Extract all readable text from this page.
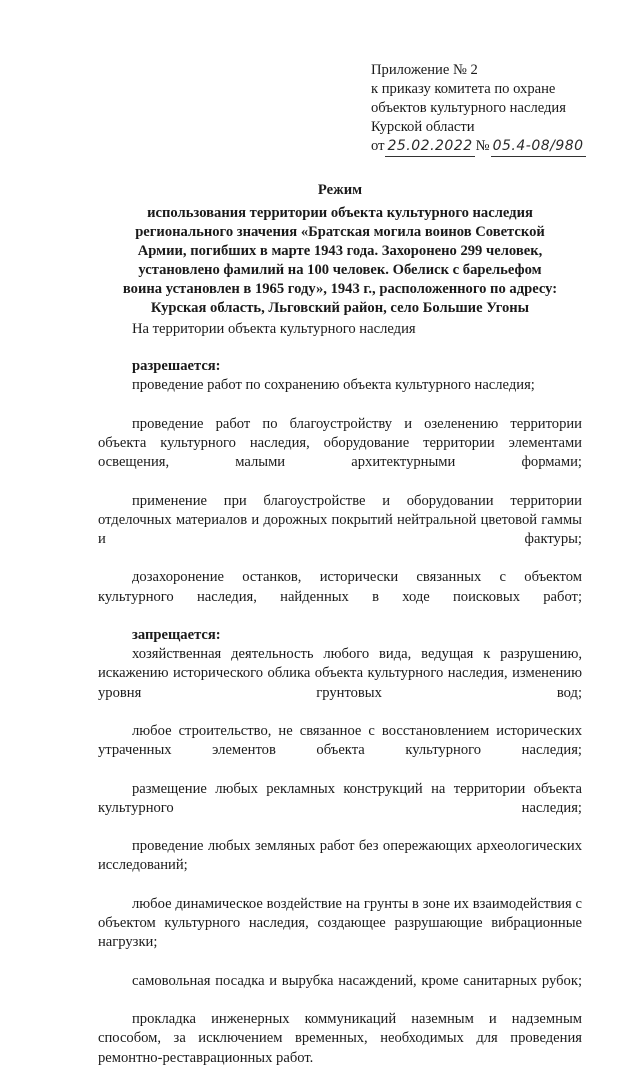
Приложение № 2
к приказу комитета по охране
объектов культурного наследия
Курской области
от 25.02.2022 № 05.4-08/980
Режим
использования территории объекта культурного наследия
регионального значения «Братская могила воинов Советской
Армии, погибших в марте 1943 года. Захоронено 299 человек,
установлено фамилий на 100 человек. Обелиск с барельефом
воина установлен в 1965 году», 1943 г., расположенного по адресу:
Курская область, Льговский район, село Большие Угоны
На территории объекта культурного наследия
разрешается:

проведение работ по сохранению объекта культурного наследия;

проведение работ по благоустройству и озеленению территории объекта культурного наследия, оборудование территории элементами освещения, малыми архитектурными формами;

применение при благоустройстве и оборудовании территории отделочных материалов и дорожных покрытий нейтральной цветовой гаммы и фактуры;

дозахоронение останков, исторически связанных с объектом культурного наследия, найденных в ходе поисковых работ;

запрещается:

хозяйственная деятельность любого вида, ведущая к разрушению, искажению исторического облика объекта культурного наследия, изменению уровня грунтовых вод;

любое строительство, не связанное с восстановлением исторических утраченных элементов объекта культурного наследия;

размещение любых рекламных конструкций на территории объекта культурного наследия;

проведение любых земляных работ без опережающих археологических исследований;

любое динамическое воздействие на грунты в зоне их взаимодействия с объектом культурного наследия, создающее разрушающие вибрационные нагрузки;

самовольная посадка и вырубка насаждений, кроме санитарных рубок;

прокладка инженерных коммуникаций наземным и надземным способом, за исключением временных, необходимых для проведения ремонтно-реставрационных работ.
